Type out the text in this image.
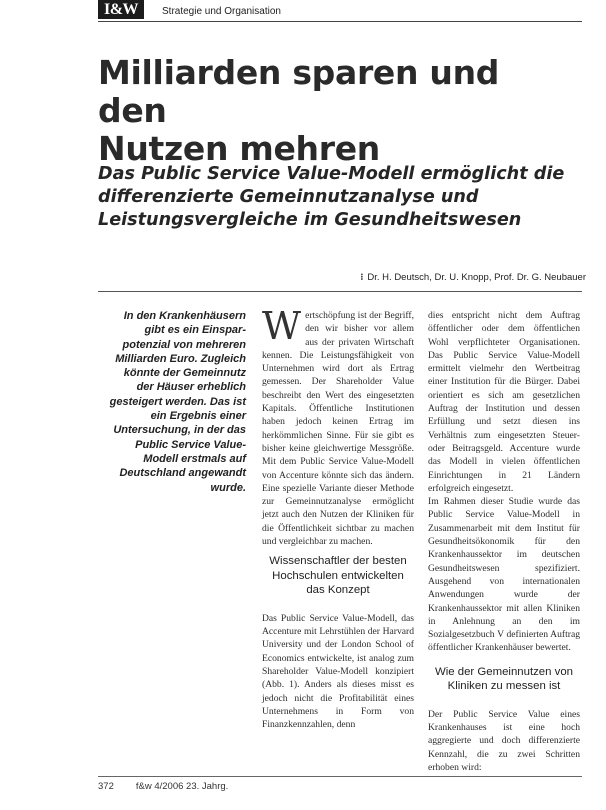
I&W	Strategie und Organisation
Milliarden sparen und den
Nutzen mehren
Das Public Service Value-Modell ermöglicht die differenzierte Gemeinnutzanalyse und Leistungsvergleiche im Gesundheitswesen
⁝ Dr. H. Deutsch, Dr. U. Knopp, Prof. Dr. G. Neubauer
In den Krankenhäusern gibt es ein Einsparpotenzial von mehreren Milliarden Euro. Zugleich könnte der Gemeinnutz der Häuser erheblich gesteigert werden. Das ist ein Ergebnis einer Untersuchung, in der das Public Service Value-Modell erstmals auf Deutschland angewandt wurde.

Wertschöpfung ist der Begriff, den wir bisher vor allem aus der privaten Wirtschaft kennen. Die Leistungsfähigkeit von Unternehmen wird dort als Ertrag gemessen. Der Shareholder Value beschreibt den Wert des eingesetzten Kapitals. Öffentliche Institutionen haben jedoch keinen Ertrag im herkömmlichen Sinne. Für sie gibt es bisher keine gleichwertige Messgröße. Mit dem Public Service Value-Modell von Accenture könnte sich das ändern. Eine spezielle Variante dieser Methode zur Gemeinnutzanalyse ermöglicht jetzt auch den Nutzen der Kliniken für die Öffentlichkeit sichtbar zu machen und vergleichbar zu machen.

Wissenschaftler der besten Hochschulen entwickelten das Konzept

Das Public Service Value-Modell, das Accenture mit Lehrstühlen der Harvard University und der London School of Economics entwickelte, ist analog zum Shareholder Value-Modell konzipiert (Abb. 1). Anders als dieses misst es jedoch nicht die Profitabilität eines Unternehmens in Form von Finanzkennzahlen, denn

dies entspricht nicht dem Auftrag öffentlicher oder dem öffentlichen Wohl verpflichteter Organisationen. Das Public Service Value-Modell ermittelt vielmehr den Wertbeitrag einer Institution für die Bürger. Dabei orientiert es sich am gesetzlichen Auftrag der Institution und dessen Erfüllung und setzt diesen ins Verhältnis zum eingesetzten Steuer- oder Beitragsgeld. Accenture wurde das Modell in vielen öffentlichen Einrichtungen in 21 Ländern erfolgreich eingesetzt.

Im Rahmen dieser Studie wurde das Public Service Value-Modell in Zusammenarbeit mit dem Institut für Gesundheitsökonomik für den Krankenhaussektor im deutschen Gesundheitswesen spezifiziert. Ausgehend von internationalen Anwendungen wurde der Krankenhaussektor mit allen Kliniken in Anlehnung an den im Sozialgesetzbuch V definierten Auftrag öffentlicher Krankenhäuser bewertet.

Wie der Gemeinnutzen von Kliniken zu messen ist

Der Public Service Value eines Krankenhauses ist eine hoch aggregierte und doch differenzierte Kennzahl, die zu zwei Schritten erhoben wird:

372 f&w 4/2006 23. Jahrg.
